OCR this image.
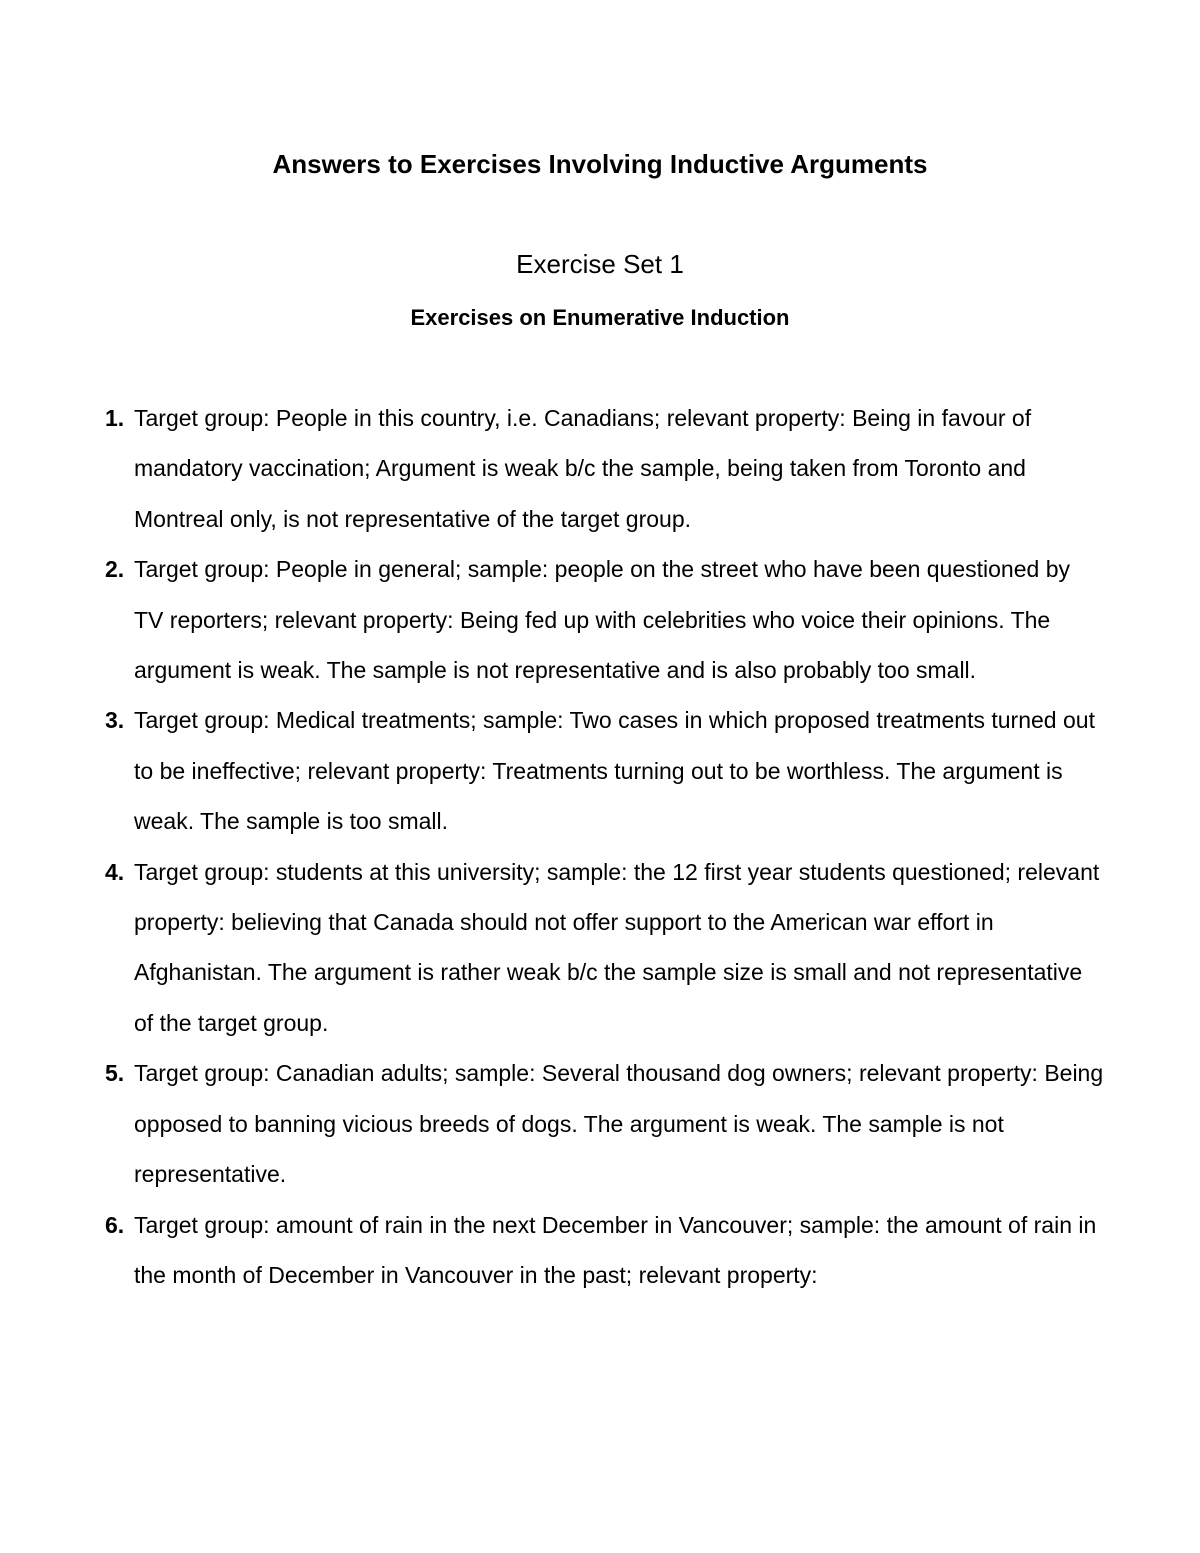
Answers to Exercises Involving Inductive Arguments
Exercise Set 1
Exercises on Enumerative Induction
1. Target group: People in this country, i.e. Canadians; relevant property: Being in favour of mandatory vaccination; Argument is weak b/c the sample, being taken from Toronto and Montreal only, is not representative of the target group.
2. Target group: People in general; sample: people on the street who have been questioned by TV reporters; relevant property: Being fed up with celebrities who voice their opinions. The argument is weak. The sample is not representative and is also probably too small.
3. Target group: Medical treatments; sample: Two cases in which proposed treatments turned out to be ineffective; relevant property: Treatments turning out to be worthless. The argument is weak. The sample is too small.
4. Target group: students at this university; sample: the 12 first year students questioned; relevant property: believing that Canada should not offer support to the American war effort in Afghanistan. The argument is rather weak b/c the sample size is small and not representative of the target group.
5. Target group: Canadian adults; sample: Several thousand dog owners; relevant property: Being opposed to banning vicious breeds of dogs. The argument is weak. The sample is not representative.
6. Target group: amount of rain in the next December in Vancouver; sample: the amount of rain in the month of December in Vancouver in the past; relevant property:
